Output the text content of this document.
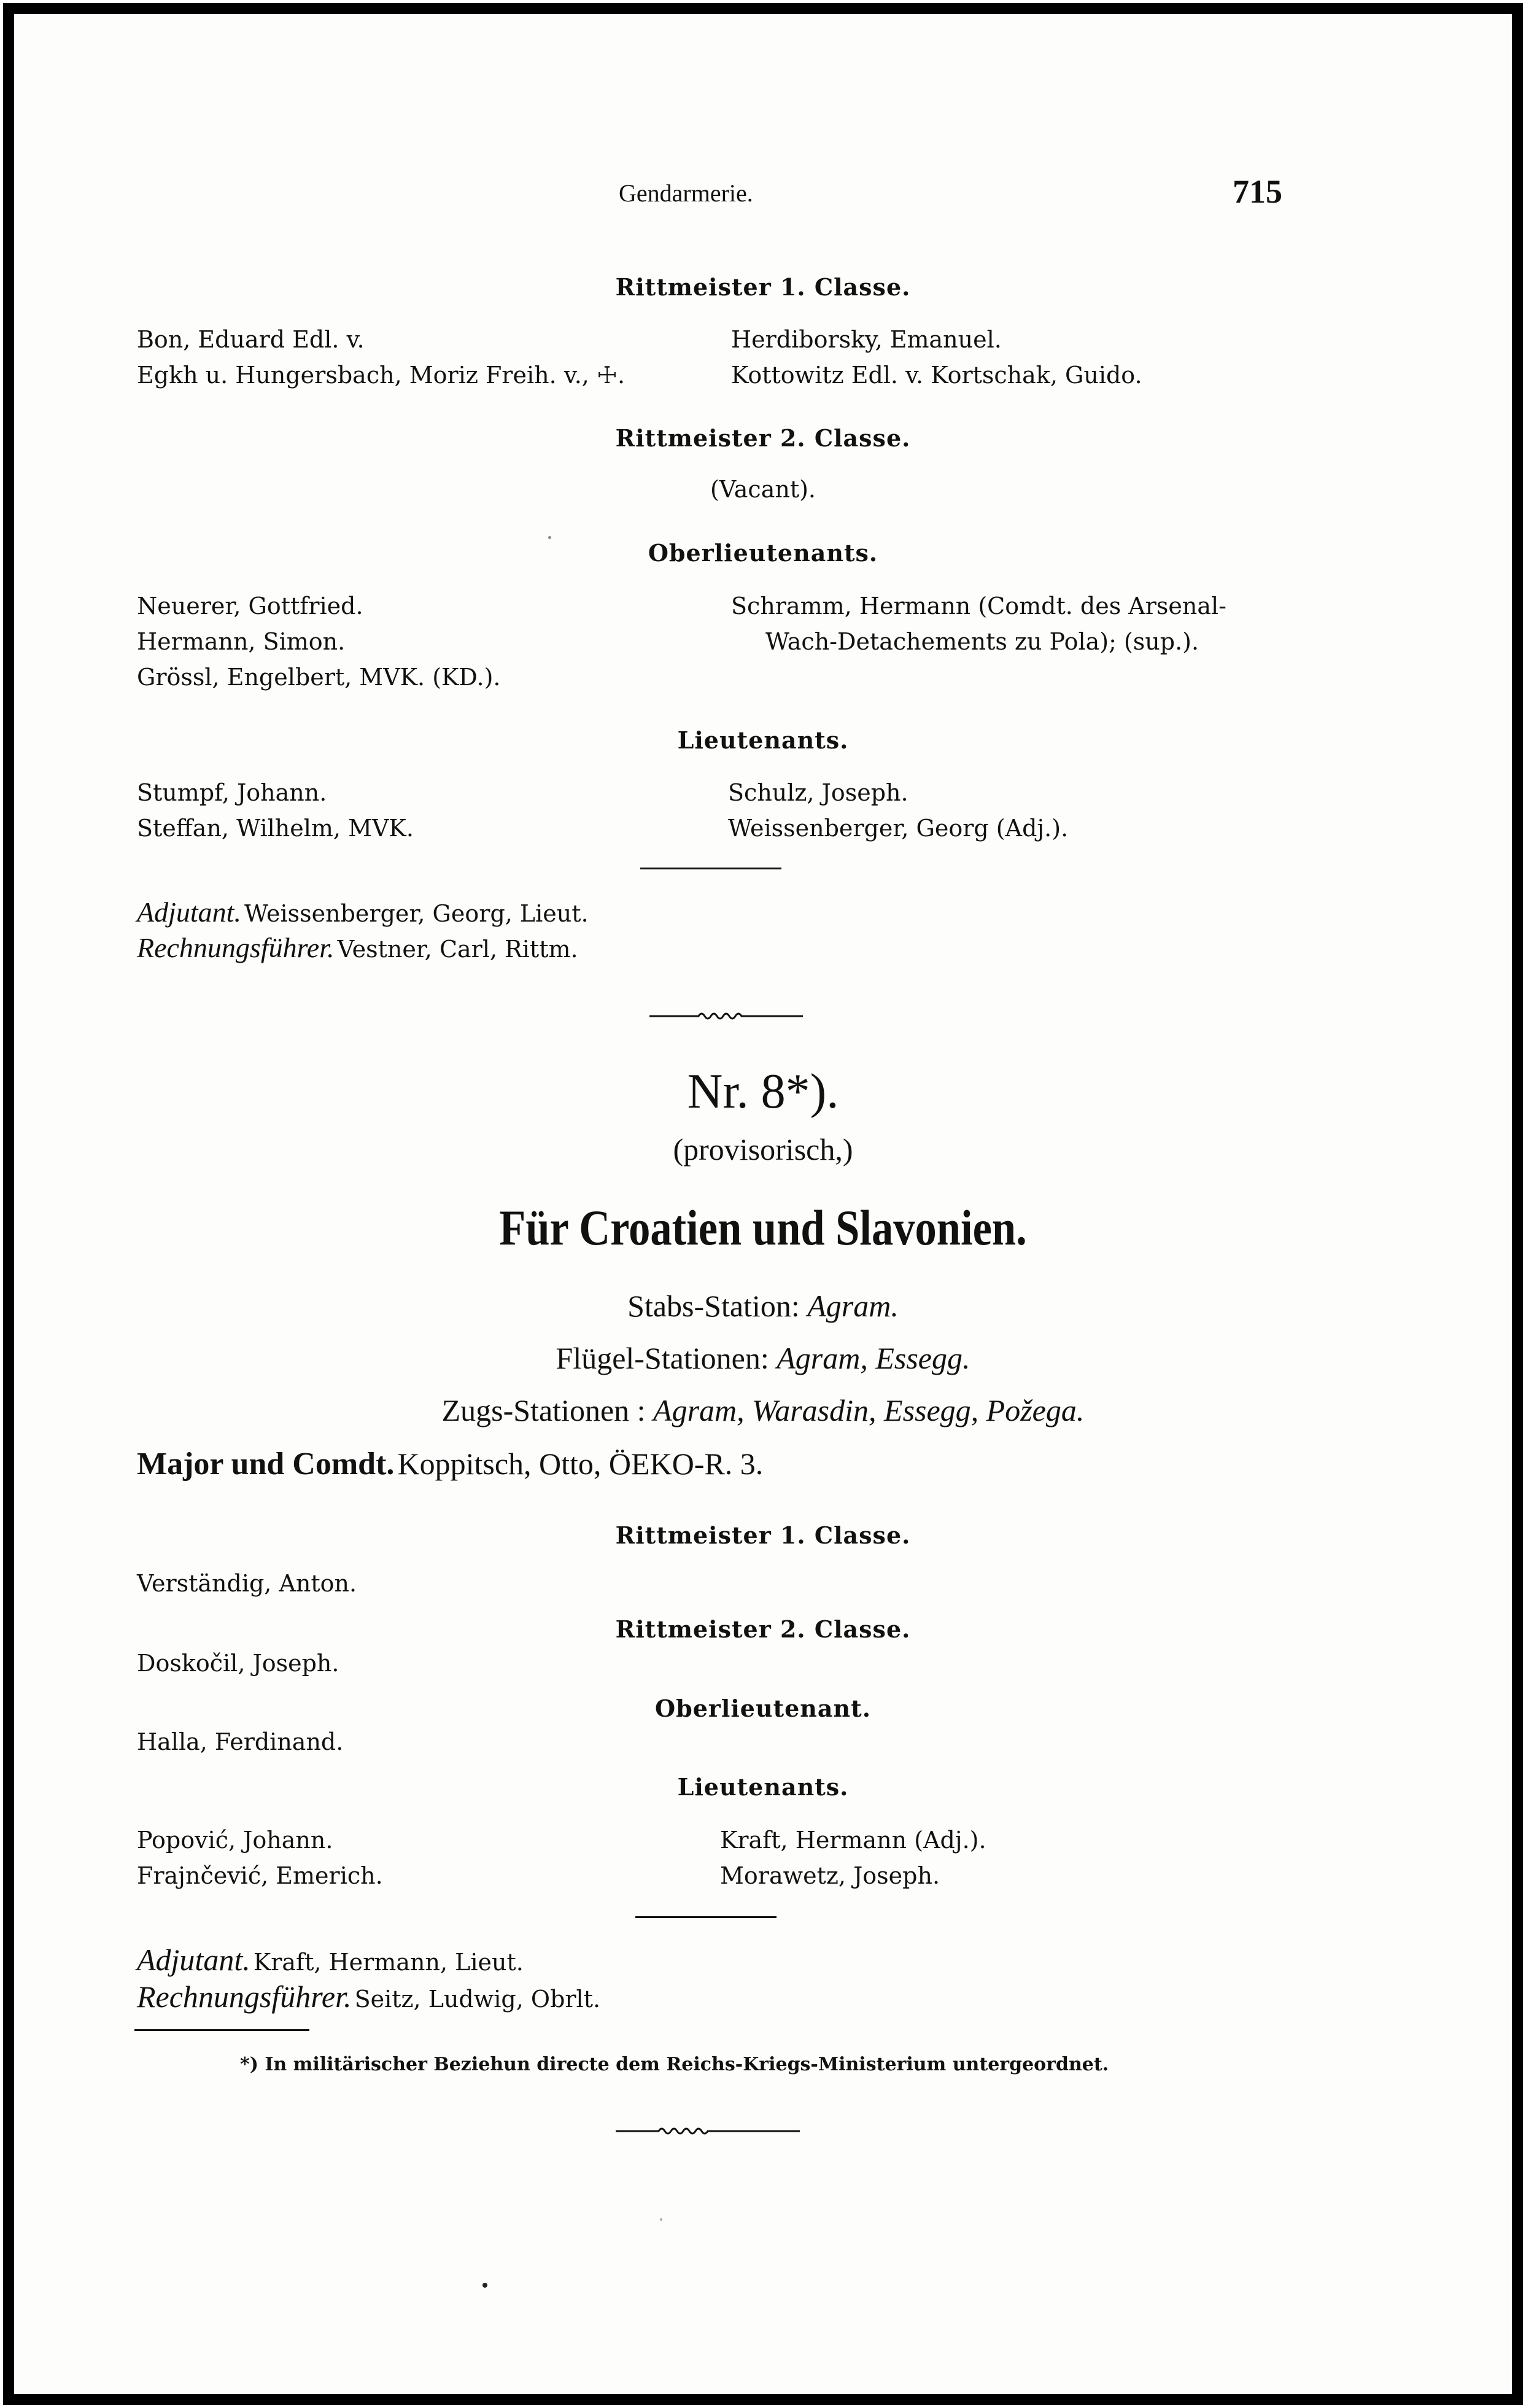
Gendarmerie.	715
Rittmeister 1. Classe.
Bon, Eduard Edl. v.
Egkh u. Hungersbach, Moriz Freih. v., ☩.
Herdiborsky, Emanuel.
Kottowitz Edl. v. Kortschak, Guido.
Rittmeister 2. Classe.
(Vacant).
Oberlieutenants.
Neuerer, Gottfried.
Hermann, Simon.
Grössl, Engelbert, MVK. (KD.).
Schramm, Hermann (Comdt. des Arsenal-
Wach-Detachements zu Pola); (sup.).
Lieutenants.
Stumpf, Johann.
Steffan, Wilhelm, MVK.
Schulz, Joseph.
Weissenberger, Georg (Adj.).
Adjutant. Weissenberger, Georg, Lieut.
Rechnungsführer. Vestner, Carl, Rittm.
Nr. 8*).
(provisorisch,)
Für Croatien und Slavonien.
Stabs-Station: Agram.
Flügel-Stationen: Agram, Essegg.
Zugs-Stationen : Agram, Warasdin, Essegg, Požega.
Major und Comdt. Koppitsch, Otto, ÖEKO-R. 3.
Rittmeister 1. Classe.
Verständig, Anton.
Rittmeister 2. Classe.
Doskočil, Joseph.
Oberlieutenant.
Halla, Ferdinand.
Lieutenants.
Popović, Johann.
Frajnčević, Emerich.
Kraft, Hermann (Adj.).
Morawetz, Joseph.
Adjutant. Kraft, Hermann, Lieut.
Rechnungsführer. Seitz, Ludwig, Obrlt.
*) In militärischer Beziehun directe dem Reichs-Kriegs-Ministerium untergeordnet.
